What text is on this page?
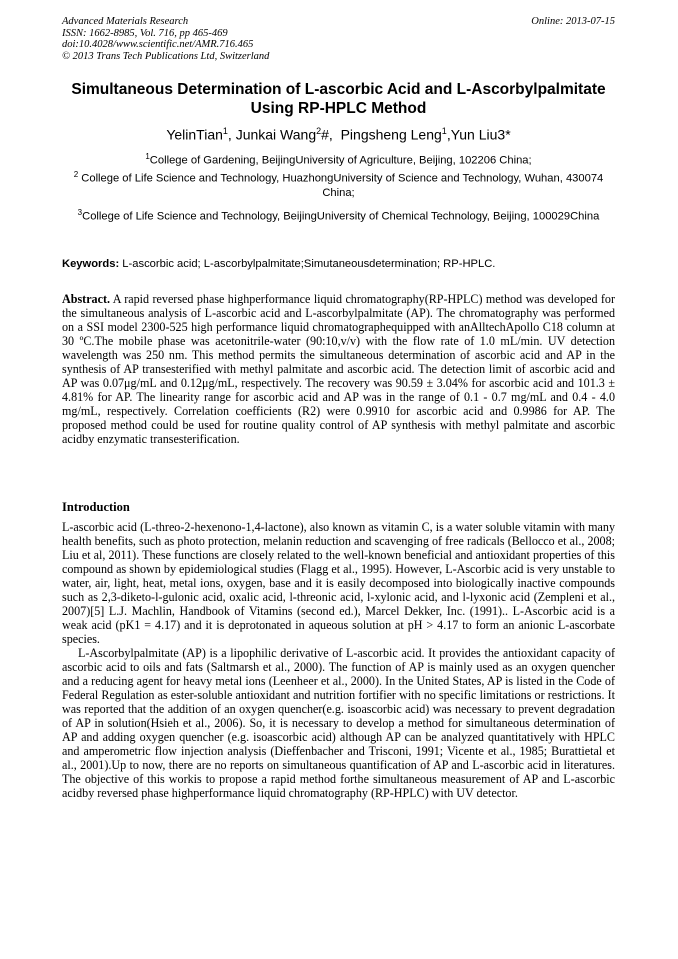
Advanced Materials Research
ISSN: 1662-8985, Vol. 716, pp 465-469
doi:10.4028/www.scientific.net/AMR.716.465
© 2013 Trans Tech Publications Ltd, Switzerland
Online: 2013-07-15
Simultaneous Determination of L-ascorbic Acid and L-Ascorbylpalmitate Using RP-HPLC Method
YelinTian$^1$, Junkai Wang$^2$#,  Pingsheng Leng$^1$,Yun Liu3*
$^1$College of Gardening, BeijingUniversity of Agriculture, Beijing, 102206 China;
$^2$ College of Life Science and Technology, HuazhongUniversity of Science and Technology, Wuhan, 430074 China;
$^3$College of Life Science and Technology, BeijingUniversity of Chemical Technology, Beijing, 100029China
Keywords: L-ascorbic acid; L-ascorbylpalmitate;Simutaneousdetermination; RP-HPLC.
Abstract. A rapid reversed phase highperformance liquid chromatography(RP-HPLC) method was developed for the simultaneous analysis of L-ascorbic acid and L-ascorbylpalmitate (AP). The chromatography was performed on a SSI model 2300-525 high performance liquid chromatographequipped with anAlltechApollo C18 column at 30 ºC.The mobile phase was acetonitrile-water (90:10,v/v) with the flow rate of 1.0 mL/min. UV detection wavelength was 250 nm. This method permits the simultaneous determination of ascorbic acid and AP in the synthesis of AP transesterified with methyl palmitate and ascorbic acid. The detection limit of ascorbic acid and AP was 0.07μg/mL and 0.12μg/mL, respectively. The recovery was 90.59 ± 3.04% for ascorbic acid and 101.3 ± 4.81% for AP. The linearity range for ascorbic acid and AP was in the range of 0.1 - 0.7 mg/mL and 0.4 - 4.0 mg/mL, respectively. Correlation coefficients (R2) were 0.9910 for ascorbic acid and 0.9986 for AP. The proposed method could be used for routine quality control of AP synthesis with methyl palmitate and ascorbic acidby enzymatic transesterification.
Introduction

L-ascorbic acid (L-threo-2-hexenono-1,4-lactone), also known as vitamin C, is a water soluble vitamin with many health benefits, such as photo protection, melanin reduction and scavenging of free radicals (Bellocco et al., 2008; Liu et al, 2011). These functions are closely related to the well-known beneficial and antioxidant properties of this compound as shown by epidemiological studies (Flagg et al., 1995). However, L-Ascorbic acid is very unstable to water, air, light, heat, metal ions, oxygen, base and it is easily decomposed into biologically inactive compounds such as 2,3-diketo-l-gulonic acid, oxalic acid, l-threonic acid, l-xylonic acid, and l-lyxonic acid (Zempleni et al., 2007)[5] L.J. Machlin, Handbook of Vitamins (second ed.), Marcel Dekker, Inc. (1991).. L-Ascorbic acid is a weak acid (pK1 = 4.17) and it is deprotonated in aqueous solution at pH > 4.17 to form an anionic L-ascorbate species.

L-Ascorbylpalmitate (AP) is a lipophilic derivative of L-ascorbic acid. It provides the antioxidant capacity of ascorbic acid to oils and fats (Saltmarsh et al., 2000). The function of AP is mainly used as an oxygen quencher and a reducing agent for heavy metal ions (Leenheer et al., 2000). In the United States, AP is listed in the Code of Federal Regulation as ester-soluble antioxidant and nutrition fortifier with no specific limitations or restrictions. It was reported that the addition of an oxygen quencher(e.g. isoascorbic acid) was necessary to prevent degradation of AP in solution(Hsieh et al., 2006). So, it is necessary to develop a method for simultaneous determination of AP and adding oxygen quencher (e.g. isoascorbic acid) although AP can be analyzed quantitatively with HPLC and amperometric flow injection analysis (Dieffenbacher and Trisconi, 1991; Vicente et al., 1985; Burattietal et al., 2001).Up to now, there are no reports on simultaneous quantification of AP and L-ascorbic acid in literatures. The objective of this workis to propose a rapid method forthe simultaneous measurement of AP and L-ascorbic acidby reversed phase highperformance liquid chromatography (RP-HPLC) with UV detector.
